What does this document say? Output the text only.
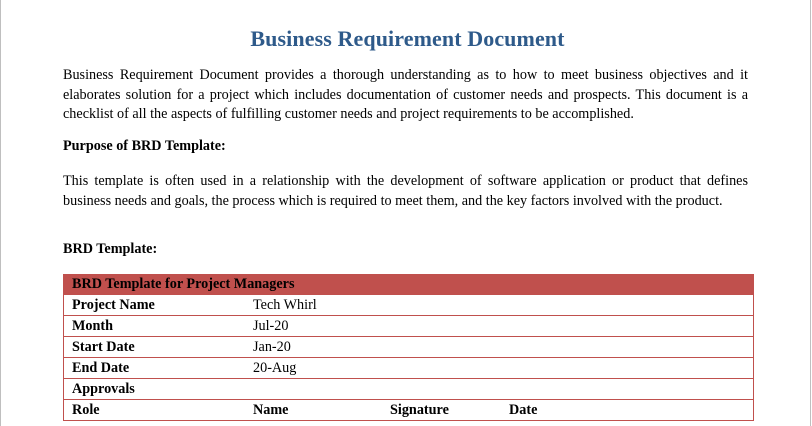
Business Requirement Document
Business Requirement Document provides a thorough understanding as to how to meet business objectives and it elaborates solution for a project which includes documentation of customer needs and prospects. This document is a checklist of all the aspects of fulfilling customer needs and project requirements to be accomplished.
Purpose of BRD Template:
This template is often used in a relationship with the development of software application or product that defines business needs and goals, the process which is required to meet them, and the key factors involved with the product.
BRD Template:
BRD Template for Project Managers
Project Name	Tech Whirl
Month	Jul-20
Start Date	Jan-20
End Date	20-Aug
Approvals
Role	Name	Signature	Date
